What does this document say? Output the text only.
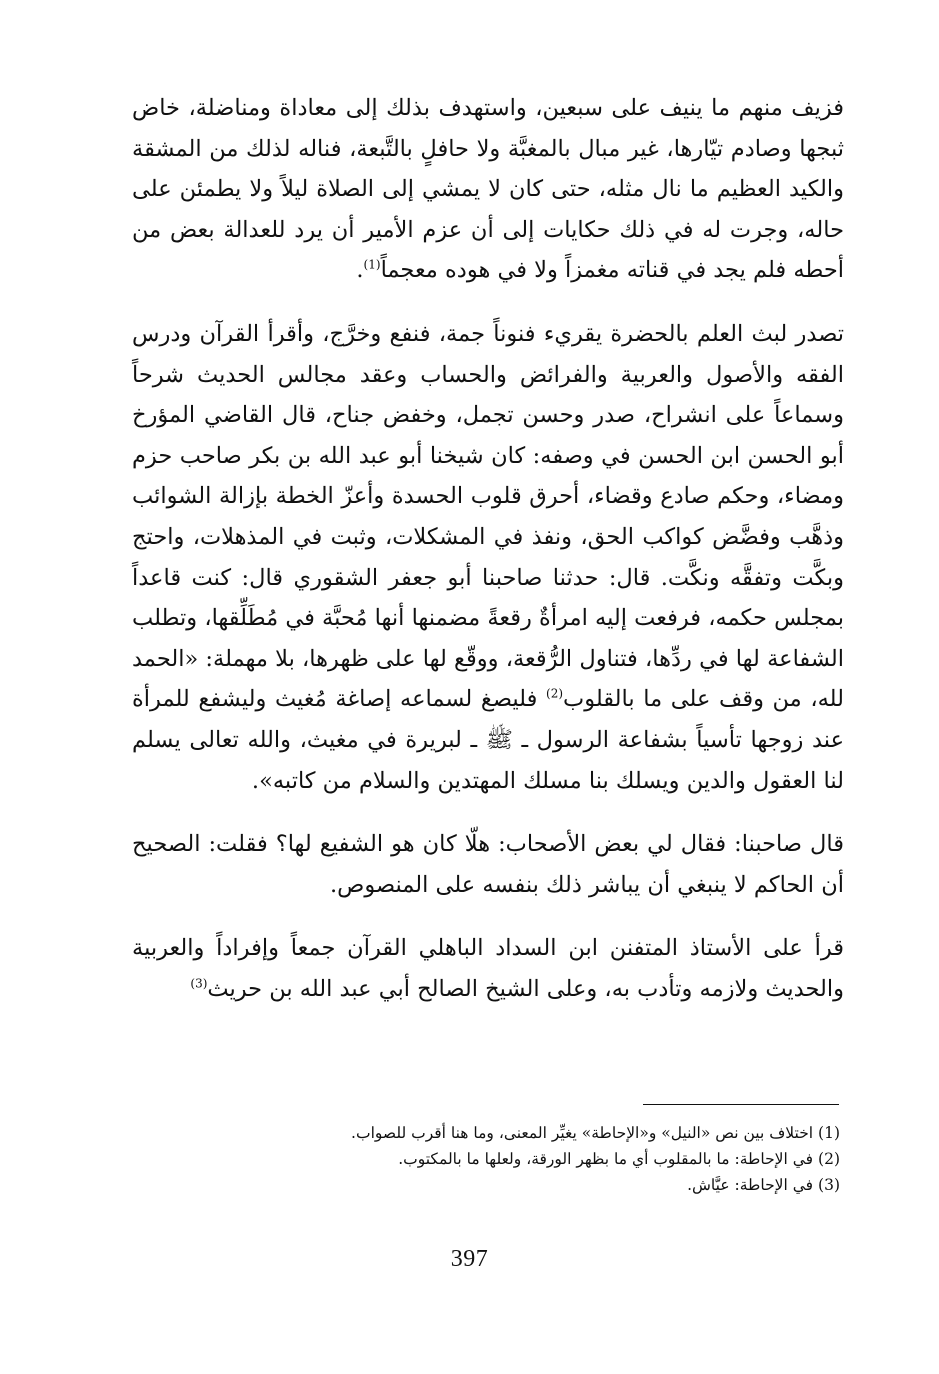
فزيف منهم ما ينيف على سبعين، واستهدف بذلك إلى معاداة ومناضلة، خاض ثبجها وصادم تيّارها، غير مبال بالمغبَّة ولا حافلٍ بالتَّبعة، فناله لذلك من المشقة والكيد العظيم ما نال مثله، حتى كان لا يمشي إلى الصلاة ليلاً ولا يطمئن على حاله، وجرت له في ذلك حكايات إلى أن عزم الأمير أن يرد للعدالة بعض من أحطه فلم يجد في قناته مغمزاً ولا في هوده معجماً$^{(1)}$.

تصدر لبث العلم بالحضرة يقريء فنوناً جمة، فنفع وخرَّج، وأقرأ القرآن ودرس الفقه والأصول والعربية والفرائض والحساب وعقد مجالس الحديث شرحاً وسماعاً على انشراح، صدر وحسن تجمل، وخفض جناح، قال القاضي المؤرخ أبو الحسن ابن الحسن في وصفه: كان شيخنا أبو عبد الله بن بكر صاحب حزم ومضاء، وحكم صادع وقضاء، أحرق قلوب الحسدة وأعزّ الخطة بإزالة الشوائب وذهَّب وفضَّض كواكب الحق، ونفذ في المشكلات، وثبت في المذهلات، واحتج وبكَّت وتفقَّه ونكَّت. قال: حدثنا صاحبنا أبو جعفر الشقوري قال: كنت قاعداً بمجلس حكمه، فرفعت إليه امرأةٌ رقعةً مضمنها أنها مُحبَّة في مُطَلِّقها، وتطلب الشفاعة لها في ردِّها، فتناول الرُّقعة، ووقّع لها على ظهرها، بلا مهملة: «الحمد لله، من وقف على ما بالقلوب$^{(2)}$ فليصغ لسماعه إصاغة مُغيث وليشفع للمرأة عند زوجها تأسياً بشفاعة الرسول ـ ﷺ ـ لبريرة في مغيث، والله تعالى يسلم لنا العقول والدين ويسلك بنا مسلك المهتدين والسلام من كاتبه».

قال صاحبنا: فقال لي بعض الأصحاب: هلّا كان هو الشفيع لها؟ فقلت: الصحيح أن الحاكم لا ينبغي أن يباشر ذلك بنفسه على المنصوص.

قرأ على الأستاذ المتفنن ابن السداد الباهلي القرآن جمعاً وإفراداً والعربية والحديث ولازمه وتأدب به، وعلى الشيخ الصالح أبي عبد الله بن حريث$^{(3)}$

(1) اختلاف بين نص «النيل» و«الإحاطة» يغيِّر المعنى، وما هنا أقرب للصواب.

(2) في الإحاطة: ما بالمقلوب أي ما بظهر الورقة، ولعلها ما بالمكتوب.

(3) في الإحاطة: عيَّاش.

397
